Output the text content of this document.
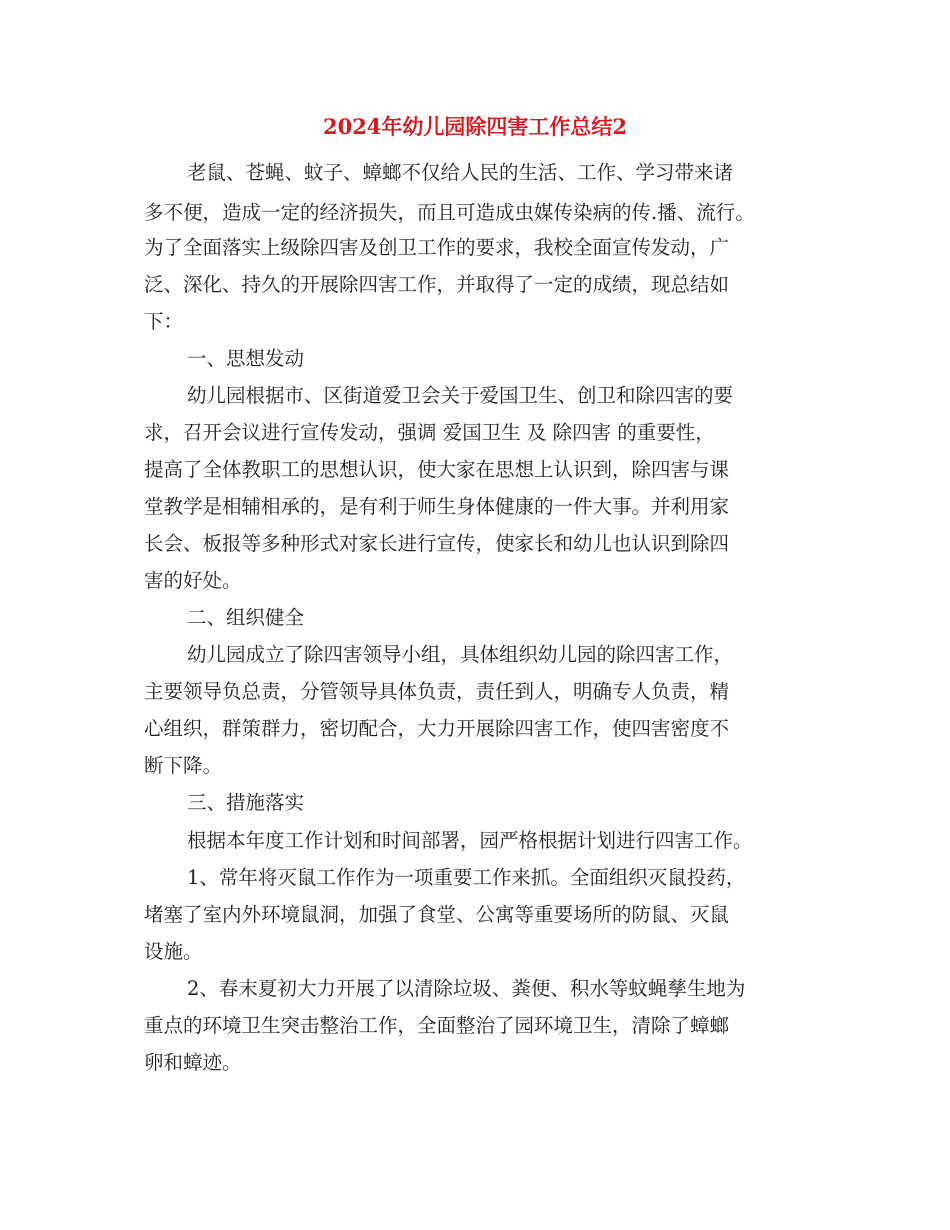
2024年幼儿园除四害工作总结2
老鼠、苍蝇、蚊子、蟑螂不仅给人民的生活、工作、学习带来诸
多不便，造成一定的经济损失，而且可造成虫媒传染病的传.播、流行。
为了全面落实上级除四害及创卫工作的要求，我校全面宣传发动，广
泛、深化、持久的开展除四害工作，并取得了一定的成绩，现总结如
下：
一、思想发动
幼儿园根据市、区街道爱卫会关于爱国卫生、创卫和除四害的要
求，召开会议进行宣传发动，强调 爱国卫生 及 除四害 的重要性，
提高了全体教职工的思想认识，使大家在思想上认识到，除四害与课
堂教学是相辅相承的，是有利于师生身体健康的一件大事。并利用家
长会、板报等多种形式对家长进行宣传，使家长和幼儿也认识到除四
害的好处。
二、组织健全
幼儿园成立了除四害领导小组，具体组织幼儿园的除四害工作，
主要领导负总责，分管领导具体负责，责任到人，明确专人负责，精
心组织，群策群力，密切配合，大力开展除四害工作，使四害密度不
断下降。
三、措施落实
根据本年度工作计划和时间部署，园严格根据计划进行四害工作。
1、常年将灭鼠工作作为一项重要工作来抓。全面组织灭鼠投药，
堵塞了室内外环境鼠洞，加强了食堂、公寓等重要场所的防鼠、灭鼠
设施。
2、春末夏初大力开展了以清除垃圾、粪便、积水等蚊蝇孳生地为
重点的环境卫生突击整治工作，全面整治了园环境卫生，清除了蟑螂
卵和蟑迹。
